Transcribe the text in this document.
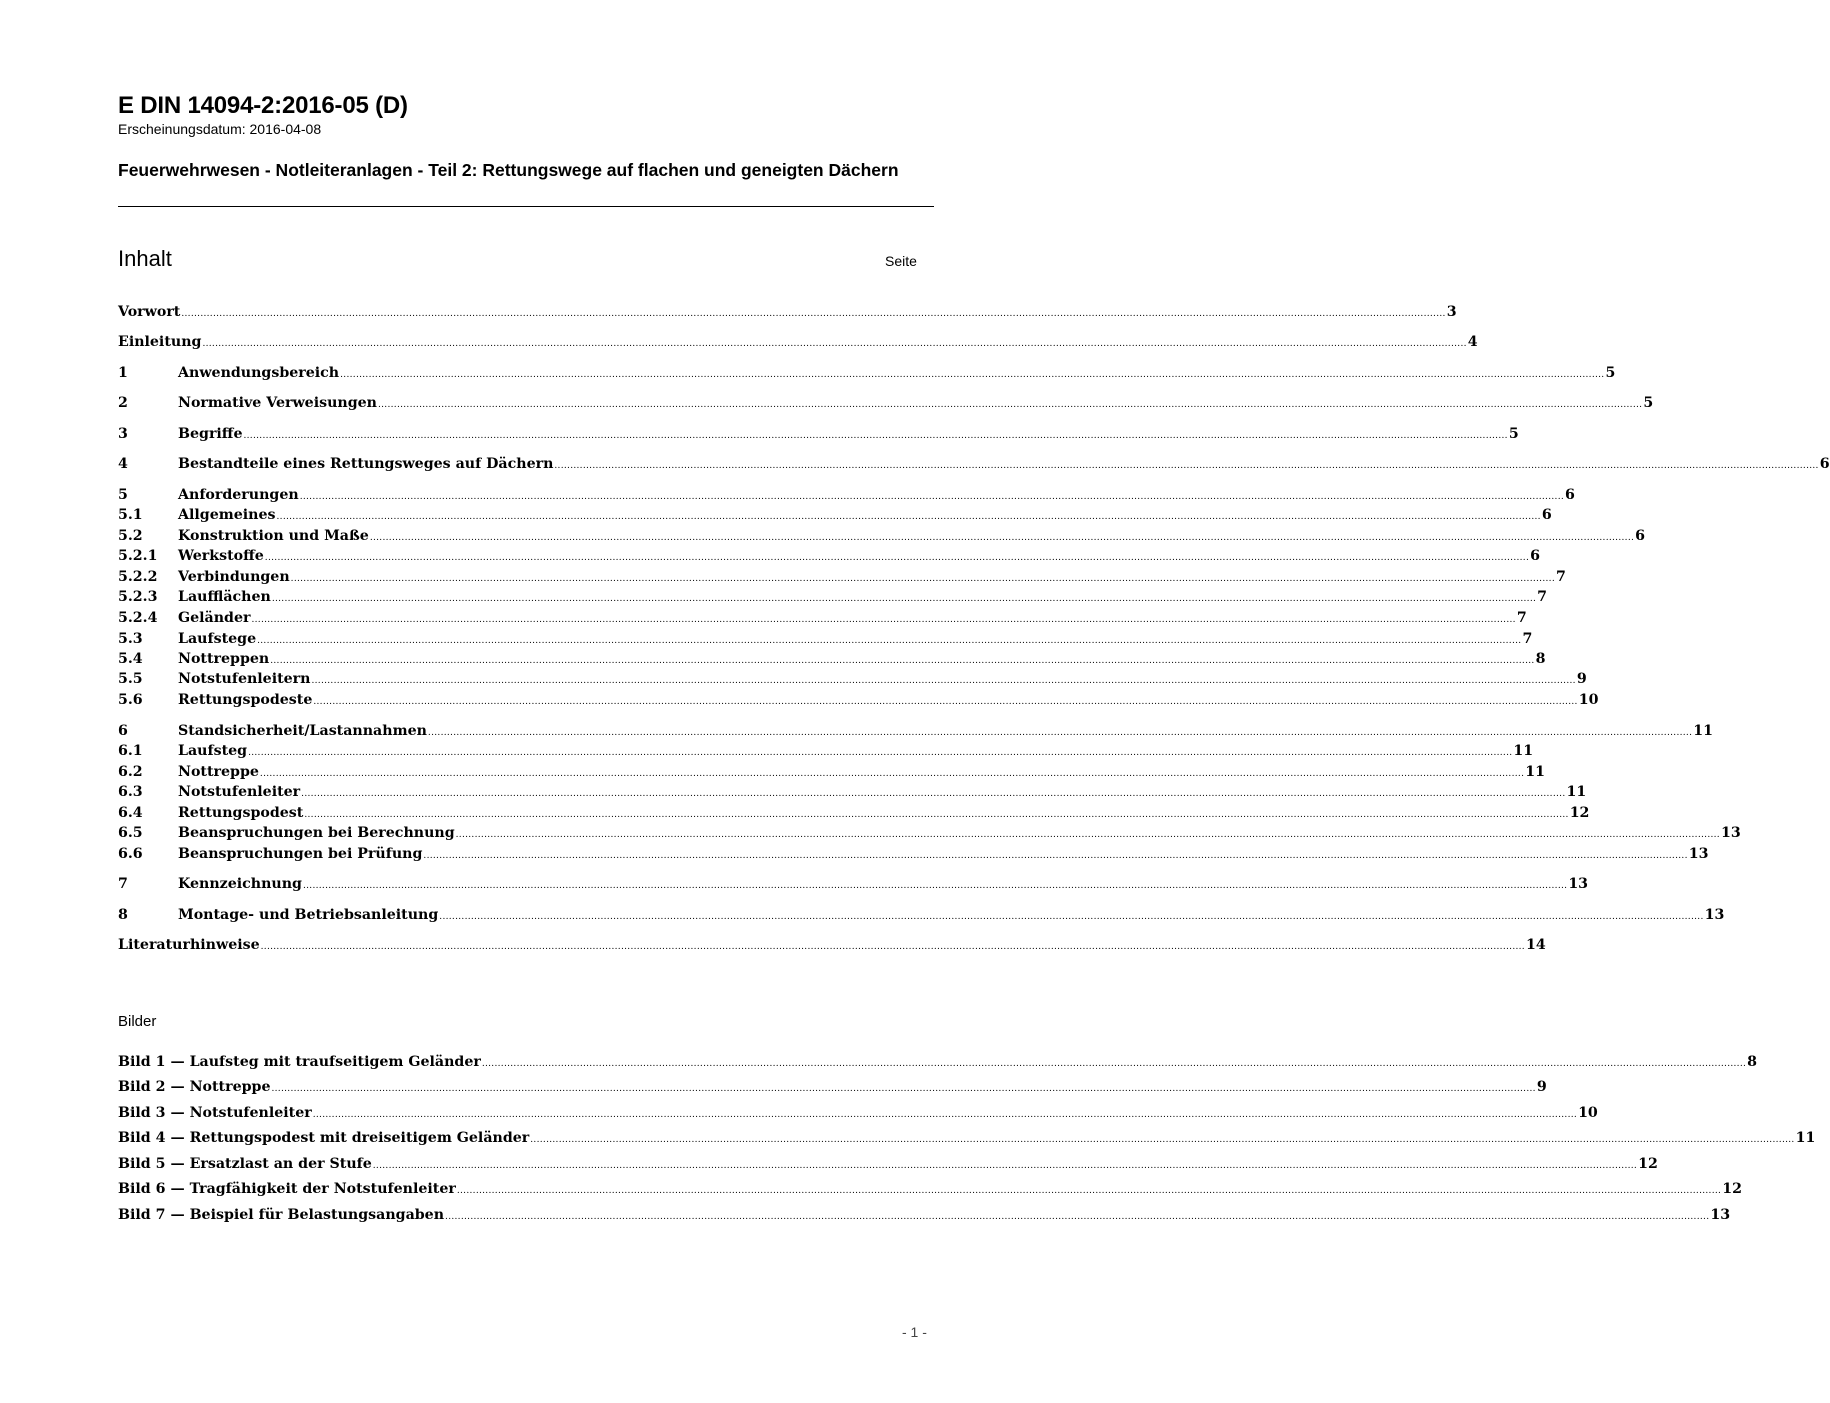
E DIN 14094-2:2016-05 (D)
Erscheinungsdatum: 2016-04-08
Feuerwehrwesen - Notleiteranlagen - Teil 2: Rettungswege auf flachen und geneigten Dächern
Inhalt	Seite
Vorwort ................................................................................................................................................................................................................................................................................................................................................................................................................ 3
Einleitung ................................................................................................................................................................................................................................................................................................................................................................................................................ 4
1	Anwendungsbereich ................................................................................................................................................................................................................................................................................................................................................................................................................ 5
2	Normative Verweisungen ................................................................................................................................................................................................................................................................................................................................................................................................................ 5
3	Begriffe ................................................................................................................................................................................................................................................................................................................................................................................................................ 5
4	Bestandteile eines Rettungsweges auf Dächern ................................................................................................................................................................................................................................................................................................................................................................................................................ 6
5	Anforderungen ................................................................................................................................................................................................................................................................................................................................................................................................................ 6
5.1	Allgemeines ................................................................................................................................................................................................................................................................................................................................................................................................................ 6
5.2	Konstruktion und Maße ................................................................................................................................................................................................................................................................................................................................................................................................................ 6
5.2.1	Werkstoffe ................................................................................................................................................................................................................................................................................................................................................................................................................ 6
5.2.2	Verbindungen ................................................................................................................................................................................................................................................................................................................................................................................................................ 7
5.2.3	Laufflächen ................................................................................................................................................................................................................................................................................................................................................................................................................ 7
5.2.4	Geländer ................................................................................................................................................................................................................................................................................................................................................................................................................ 7
5.3	Laufstege ................................................................................................................................................................................................................................................................................................................................................................................................................ 7
5.4	Nottreppen ................................................................................................................................................................................................................................................................................................................................................................................................................ 8
5.5	Notstufenleitern ................................................................................................................................................................................................................................................................................................................................................................................................................ 9
5.6	Rettungspodeste ................................................................................................................................................................................................................................................................................................................................................................................................................ 10
6	Standsicherheit/Lastannahmen ................................................................................................................................................................................................................................................................................................................................................................................................................ 11
6.1	Laufsteg ................................................................................................................................................................................................................................................................................................................................................................................................................ 11
6.2	Nottreppe ................................................................................................................................................................................................................................................................................................................................................................................................................ 11
6.3	Notstufenleiter ................................................................................................................................................................................................................................................................................................................................................................................................................ 11
6.4	Rettungspodest ................................................................................................................................................................................................................................................................................................................................................................................................................ 12
6.5	Beanspruchungen bei Berechnung ................................................................................................................................................................................................................................................................................................................................................................................................................ 13
6.6	Beanspruchungen bei Prüfung ................................................................................................................................................................................................................................................................................................................................................................................................................ 13
7	Kennzeichnung ................................................................................................................................................................................................................................................................................................................................................................................................................ 13
8	Montage- und Betriebsanleitung ................................................................................................................................................................................................................................................................................................................................................................................................................ 13
Literaturhinweise ................................................................................................................................................................................................................................................................................................................................................................................................................ 14
Bilder
Bild 1 — Laufsteg mit traufseitigem Geländer ................................................................................................................................................................................................................................................................................................................................................................................................................ 8
Bild 2 — Nottreppe ................................................................................................................................................................................................................................................................................................................................................................................................................ 9
Bild 3 — Notstufenleiter ................................................................................................................................................................................................................................................................................................................................................................................................................ 10
Bild 4 — Rettungspodest mit dreiseitigem Geländer ................................................................................................................................................................................................................................................................................................................................................................................................................ 11
Bild 5 — Ersatzlast an der Stufe ................................................................................................................................................................................................................................................................................................................................................................................................................ 12
Bild 6 — Tragfähigkeit der Notstufenleiter ................................................................................................................................................................................................................................................................................................................................................................................................................ 12
Bild 7 — Beispiel für Belastungsangaben ................................................................................................................................................................................................................................................................................................................................................................................................................ 13
- 1 -
